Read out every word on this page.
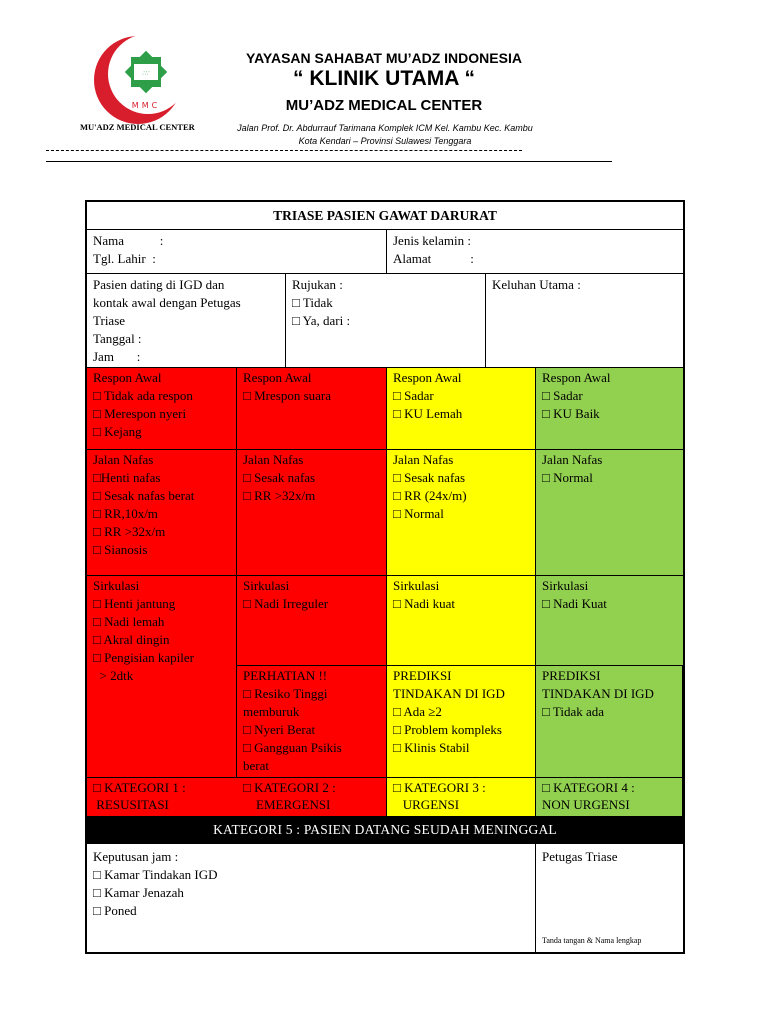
∴∵
MMC
MU'ADZ MEDICAL CENTER
YAYASAN SAHABAT MU’ADZ INDONESIA
“ KLINIK UTAMA “
MU’ADZ MEDICAL CENTER
Jalan Prof. Dr. Abdurrauf Tarimana Komplek ICM Kel. Kambu Kec. Kambu
Kota Kendari – Provinsi Sulawesi Tenggara
TRIASE PASIEN GAWAT DARURAT
Nama           :
Tgl. Lahir  :
Jenis kelamin :
Alamat            :
Pasien dating di IGD dan
kontak awal dengan Petugas
Triase
Tanggal :
Jam       :
Rujukan :
□ Tidak
□ Ya, dari :
Keluhan Utama :
Respon Awal
□ Tidak ada respon
□ Merespon nyeri
□ Kejang
Respon Awal
□ Mrespon suara
Respon Awal
□ Sadar
□ KU Lemah
Respon Awal
□ Sadar
□ KU Baik
Jalan Nafas
□Henti nafas
□ Sesak nafas berat
□ RR,10x/m
□ RR >32x/m
□ Sianosis
Jalan Nafas
□ Sesak nafas
□ RR >32x/m
Jalan Nafas
□ Sesak nafas
□ RR (24x/m)
□ Normal
Jalan Nafas
□ Normal
Sirkulasi
□ Henti jantung
□ Nadi lemah
□ Akral dingin
□ Pengisian kapiler
> 2dtk
Sirkulasi
□ Nadi Irreguler
Sirkulasi
□ Nadi kuat
Sirkulasi
□ Nadi Kuat
PERHATIAN !!
□ Resiko Tinggi
memburuk
□ Nyeri Berat
□ Gangguan Psikis
berat
PREDIKSI
TINDAKAN DI IGD
□ Ada ≥2
□ Problem kompleks
□ Klinis Stabil
PREDIKSI
TINDAKAN DI IGD
□ Tidak ada
□ KATEGORI 1 :
RESUSITASI
□ KATEGORI 2 :
EMERGENSI
□ KATEGORI 3 :
URGENSI
□ KATEGORI 4 :
NON URGENSI
KATEGORI 5 : PASIEN DATANG SEUDAH MENINGGAL
Keputusan jam :
□ Kamar Tindakan IGD
□ Kamar Jenazah
□ Poned
Petugas Triase
Tanda tangan & Nama lengkap
